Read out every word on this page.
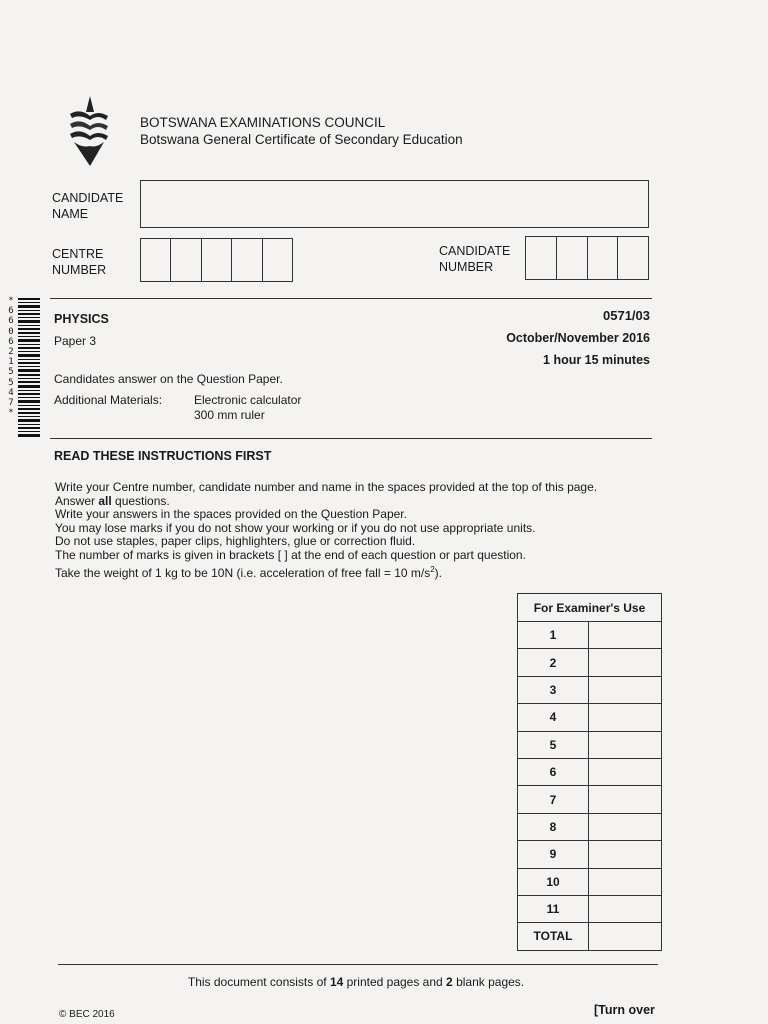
BOTSWANA EXAMINATIONS COUNCIL
Botswana General Certificate of Secondary Education
CANDIDATE
NAME
CENTRE
NUMBER
CANDIDATE
NUMBER
*
6
6
0
6
2
1
5
5
4
7
*
PHYSICS
Paper 3
0571/03
October/November 2016
1 hour 15 minutes
Candidates answer on the Question Paper.
Additional Materials:	Electronic calculator
300 mm ruler
READ THESE INSTRUCTIONS FIRST

Write your Centre number, candidate number and name in the spaces provided at the top of this page.

Answer all questions.

Write your answers in the spaces provided on the Question Paper.

You may lose marks if you do not show your working or if you do not use appropriate units.

Do not use staples, paper clips, highlighters, glue or correction fluid.

The number of marks is given in brackets [ ] at the end of each question or part question.

Take the weight of 1 kg to be 10N (i.e. acceleration of free fall = 10 $m/s^2$).

For Examiner's Use	
1	
2	
3	
4	
5	
6	
7	
8	
9	
10	
11	
TOTAL	
This document consists of 14 printed pages and 2 blank pages.
© BEC 2016	[Turn over
